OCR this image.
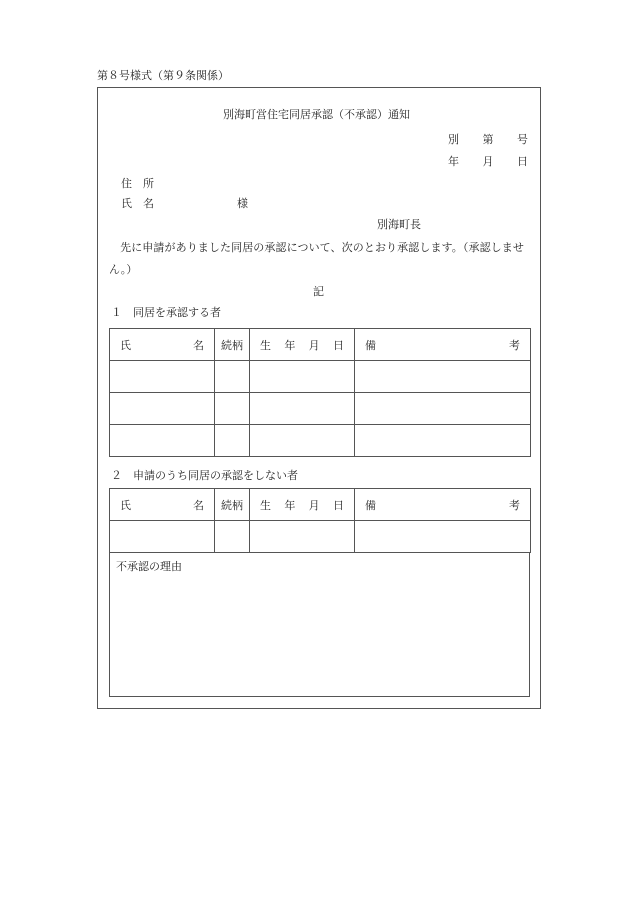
第８号様式（第９条関係）
別海町営住宅同居承認（不承認）通知
別 第 号
年 月 日
住　所
氏　名	様
別海町長
　先に申請がありました同居の承認について、次のとおり承認します。（承認しません。）
記
１　同居を承認する者
氏 名	続柄	生 年 月 日	備 考

２　申請のうち同居の承認をしない者
氏 名	続柄	生 年 月 日	備 考

不承認の理由
